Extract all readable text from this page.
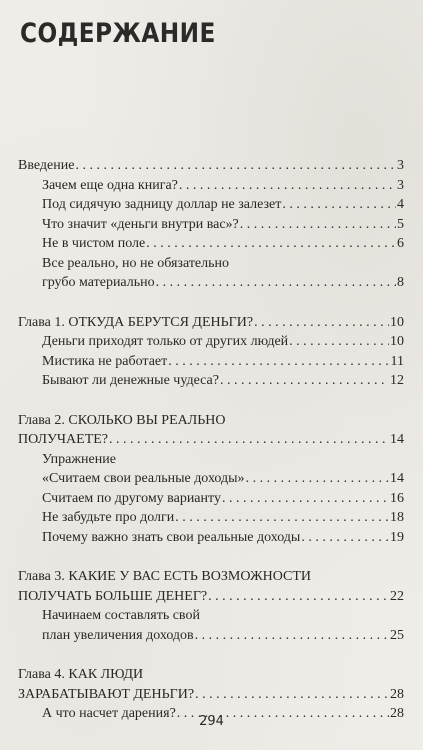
СОДЕРЖАНИЕ
Введение . . .	3
Зачем еще одна книга? . . .	3
Под сидячую задницу доллар не залезет . . .	4
Что значит «деньги внутри вас»? . . .	5
Не в чистом поле . . .	6
Все реально, но не обязательно
грубо материально . . .	8
Глава 1. ОТКУДА БЕРУТСЯ ДЕНЬГИ? . . .	10
Деньги приходят только от других людей . . .	10
Мистика не работает . . .	11
Бывают ли денежные чудеса? . . .	12
Глава 2. СКОЛЬКО ВЫ РЕАЛЬНО
ПОЛУЧАЕТЕ? . . .	14
Упражнение
«Считаем свои реальные доходы» . . .	14
Считаем по другому варианту . . .	16
Не забудьте про долги . . .	18
Почему важно знать свои реальные доходы . . .	19
Глава 3. КАКИЕ У ВАС ЕСТЬ ВОЗМОЖНОСТИ
ПОЛУЧАТЬ БОЛЬШЕ ДЕНЕГ? . . .	22
Начинаем составлять свой
план увеличения доходов . . .	25
Глава 4. КАК ЛЮДИ
ЗАРАБАТЫВАЮТ ДЕНЬГИ? . . .	28
А что насчет дарения? . . .	28
294
